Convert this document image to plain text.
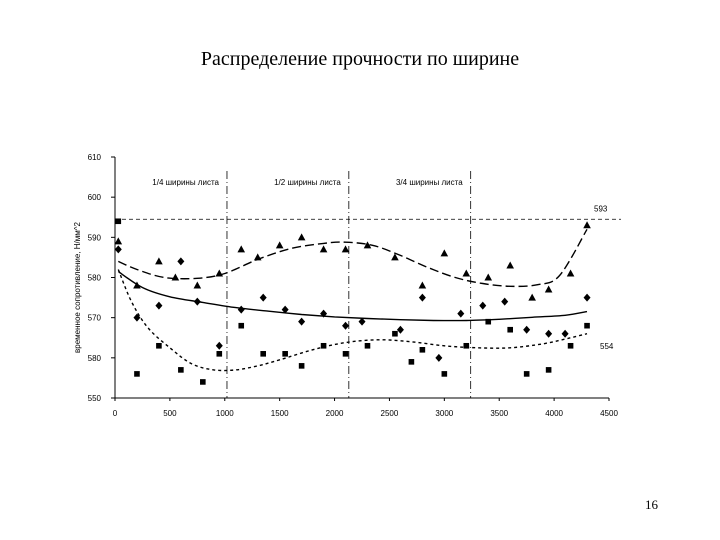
Распределение прочности по ширине
550
580
570
580
590
600
610
0	500	1000	1500	2000	2500	3000	3500	4000	4500
временное сопротивление, Н/мм^2
1/4 ширины листа	1/2 ширины листа	3/4 ширины листа
593
554
16
